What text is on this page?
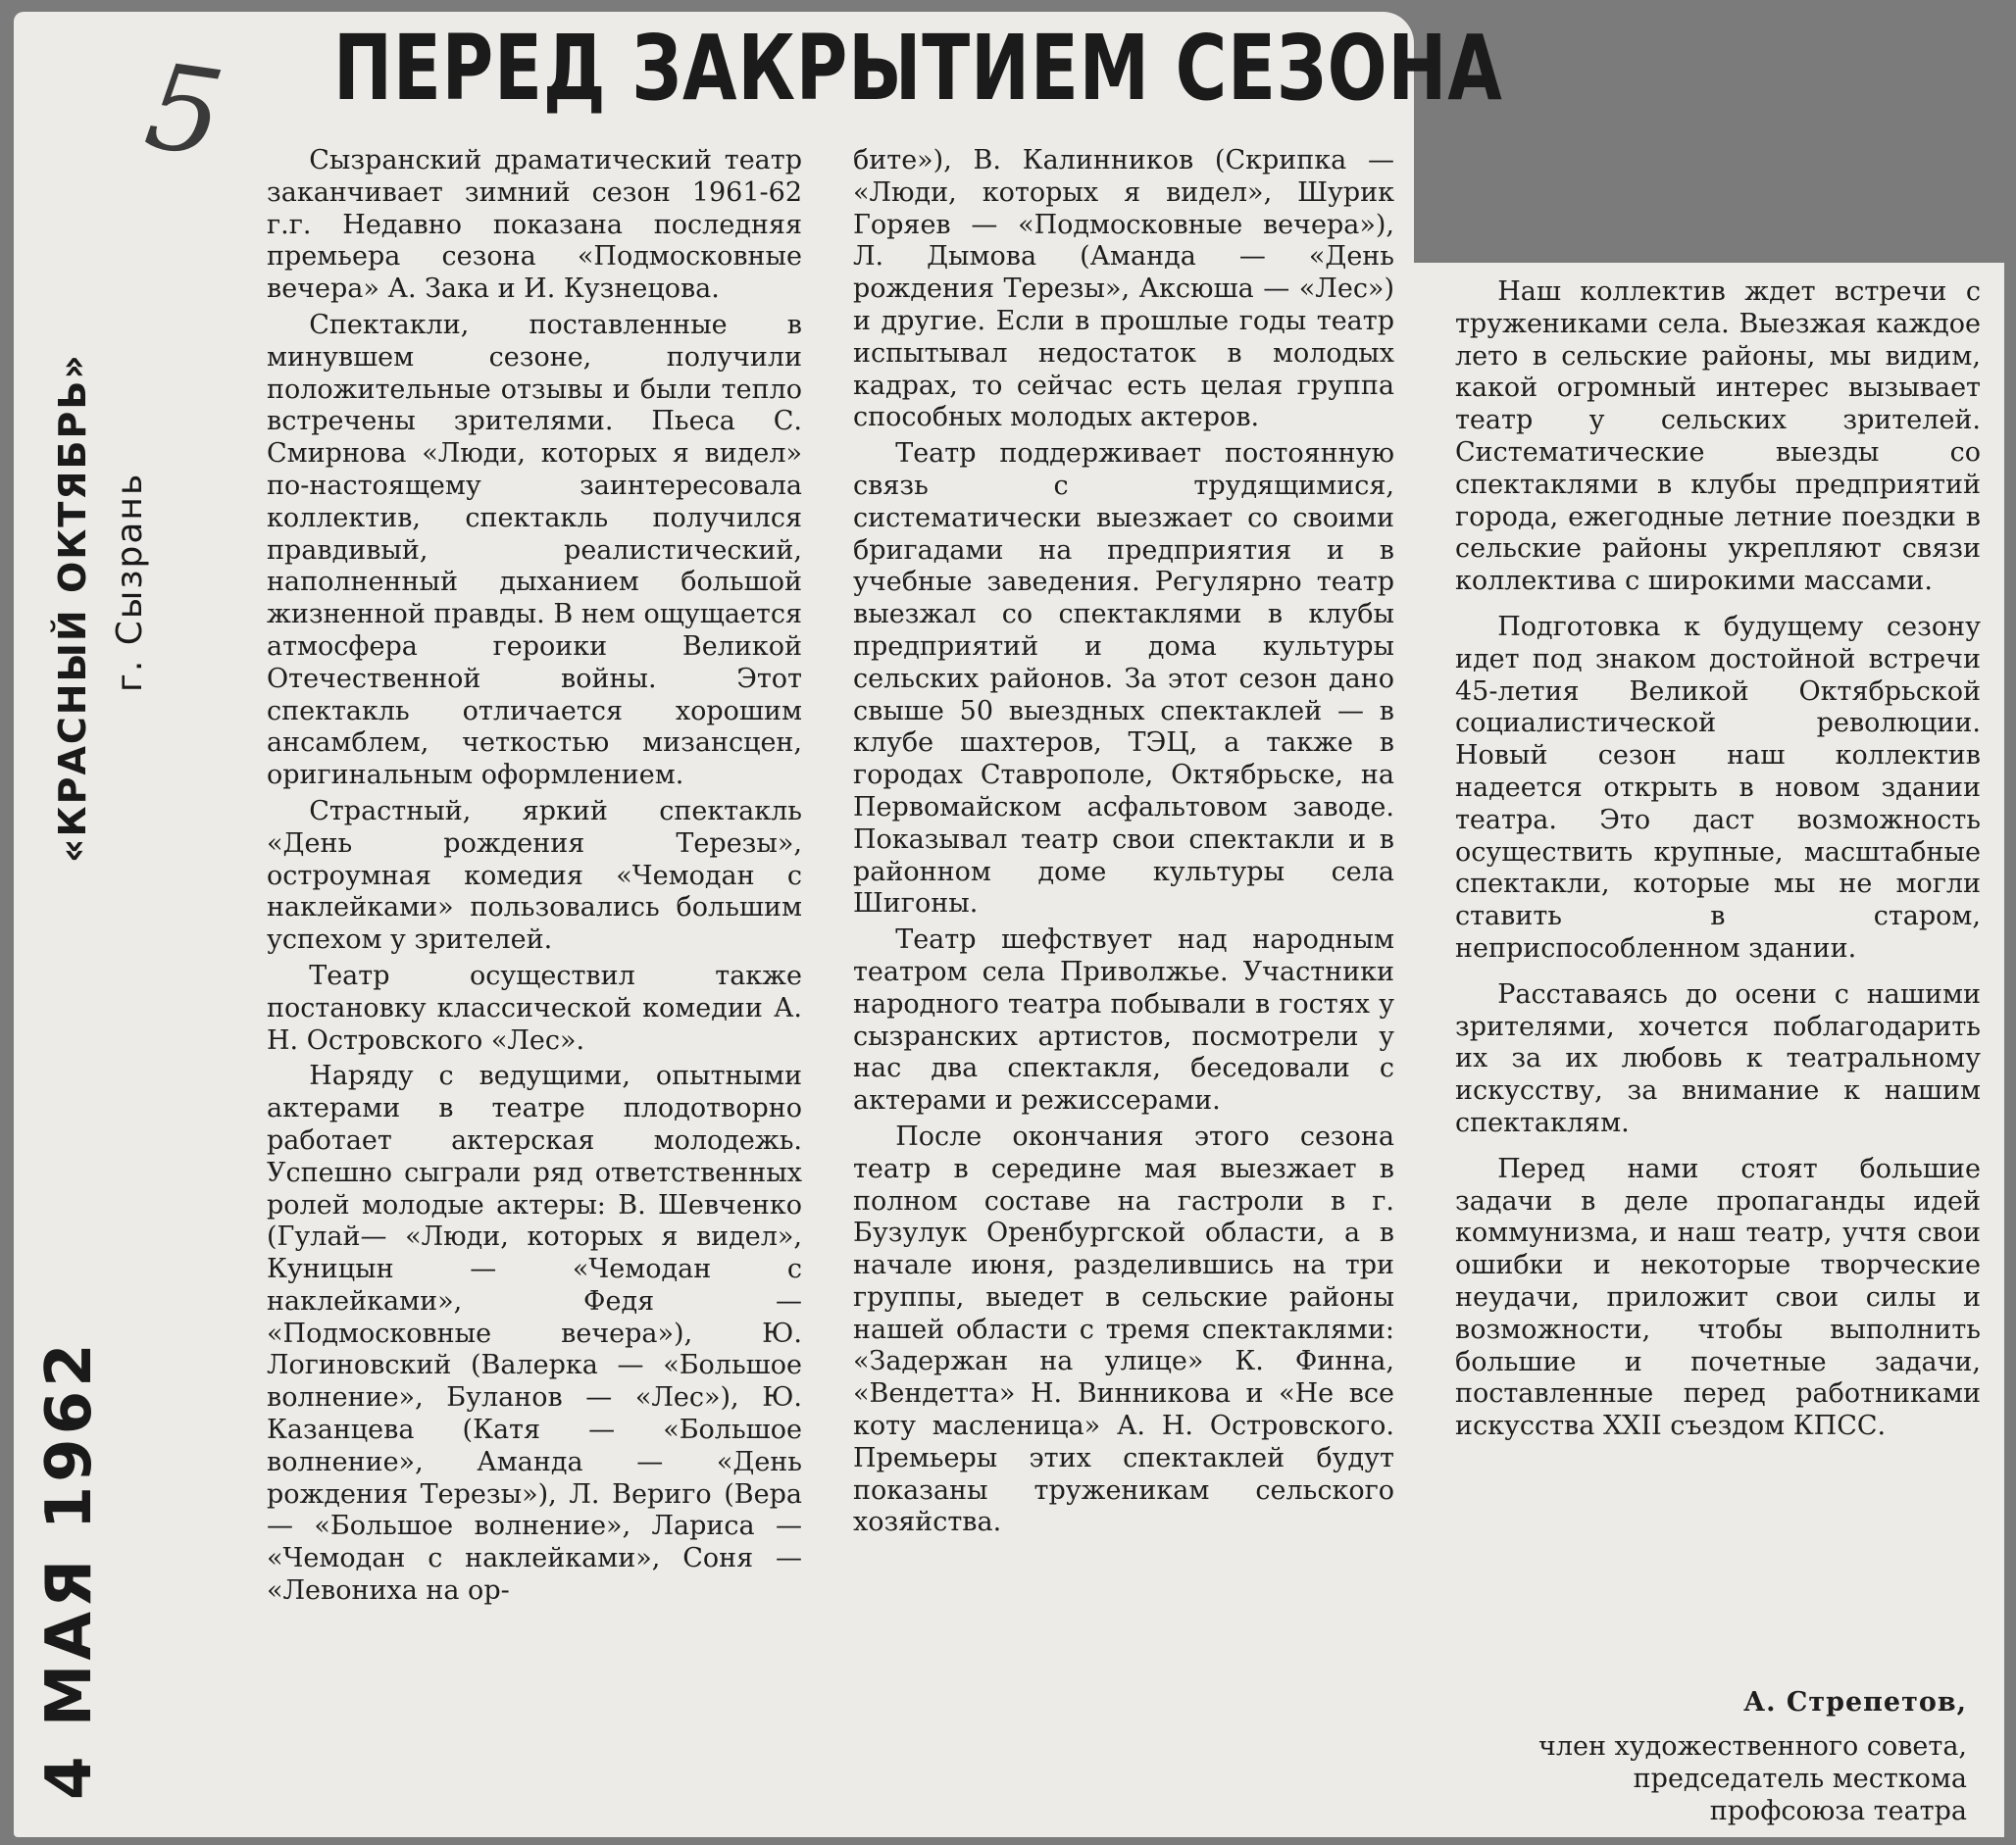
5
«КРАСНЫЙ ОКТЯБРЬ» г. Сызрань
4 МАЯ 1962
ПЕРЕД ЗАКРЫТИЕМ СЕЗОНА

Сызранский драматический театр заканчивает зимний сезон 1961-62 г.г. Недавно показана последняя премьера сезона «Подмосковные вечера» А. Зака и И. Кузнецова.

Спектакли, поставленные в минувшем сезоне, получили положительные отзывы и были тепло встречены зрителями. Пьеса С. Смирнова «Люди, которых я видел» по-настоящему заинтересовала коллектив, спектакль получился правдивый, реалистический, наполненный дыханием большой жизненной правды. В нем ощущается атмосфера героики Великой Отечественной войны. Этот спектакль отличается хорошим ансамблем, четкостью мизансцен, оригинальным оформлением.

Страстный, яркий спектакль «День рождения Терезы», остроумная комедия «Чемодан с наклейками» пользовались большим успехом у зрителей.

Театр осуществил также постановку классической комедии А. Н. Островского «Лес».

Наряду с ведущими, опытными актерами в театре плодотворно работает актерская молодежь. Успешно сыграли ряд ответственных ролей молодые актеры: В. Шевченко (Гулай— «Люди, которых я видел», Куницын — «Чемодан с наклейками», Федя — «Подмосковные вечера»), Ю. Логиновский (Валерка — «Большое волнение», Буланов — «Лес»), Ю. Казанцева (Катя — «Большое волнение», Аманда — «День рождения Терезы»), Л. Вериго (Вера — «Большое волнение», Лариса — «Чемодан с наклейками», Соня — «Левониха на ор-

бите»), В. Калинников (Скрипка — «Люди, которых я видел», Шурик Горяев — «Подмосковные вечера»), Л. Дымова (Аманда — «День рождения Терезы», Аксюша — «Лес») и другие. Если в прошлые годы театр испытывал недостаток в молодых кадрах, то сейчас есть целая группа способных молодых актеров.

Театр поддерживает постоянную связь с трудящимися, систематически выезжает со своими бригадами на предприятия и в учебные заведения. Регулярно театр выезжал со спектаклями в клубы предприятий и дома культуры сельских районов. За этот сезон дано свыше 50 выездных спектаклей — в клубе шахтеров, ТЭЦ, а также в городах Ставрополе, Октябрьске, на Первомайском асфальтовом заводе. Показывал театр свои спектакли и в районном доме культуры села Шигоны.

Театр шефствует над народным театром села Приволжье. Участники народного театра побывали в гостях у сызранских артистов, посмотрели у нас два спектакля, беседовали с актерами и режиссерами.

После окончания этого сезона театр в середине мая выезжает в полном составе на гастроли в г. Бузулук Оренбургской области, а в начале июня, разделившись на три группы, выедет в сельские районы нашей области с тремя спектаклями: «Задержан на улице» К. Финна, «Вендетта» Н. Винникова и «Не все коту масленица» А. Н. Островского. Премьеры этих спектаклей будут показаны труженикам сельского хозяйства.

Наш коллектив ждет встречи с тружениками села. Выезжая каждое лето в сельские районы, мы видим, какой огромный интерес вызывает театр у сельских зрителей. Систематические выезды со спектаклями в клубы предприятий города, ежегодные летние поездки в сельские районы укрепляют связи коллектива с широкими массами.

Подготовка к будущему сезону идет под знаком достойной встречи 45-летия Великой Октябрьской социалистической революции. Новый сезон наш коллектив надеется открыть в новом здании театра. Это даст возможность осуществить крупные, масштабные спектакли, которые мы не могли ставить в старом, неприспособленном здании.

Расставаясь до осени с нашими зрителями, хочется поблагодарить их за их любовь к театральному искусству, за внимание к нашим спектаклям.

Перед нами стоят большие задачи в деле пропаганды идей коммунизма, и наш театр, учтя свои ошибки и некоторые творческие неудачи, приложит свои силы и возможности, чтобы выполнить большие и почетные задачи, поставленные перед работниками искусства XXII съездом КПСС.

А. Стрепетов,
член художественного совета,
председатель месткома
профсоюза театра
